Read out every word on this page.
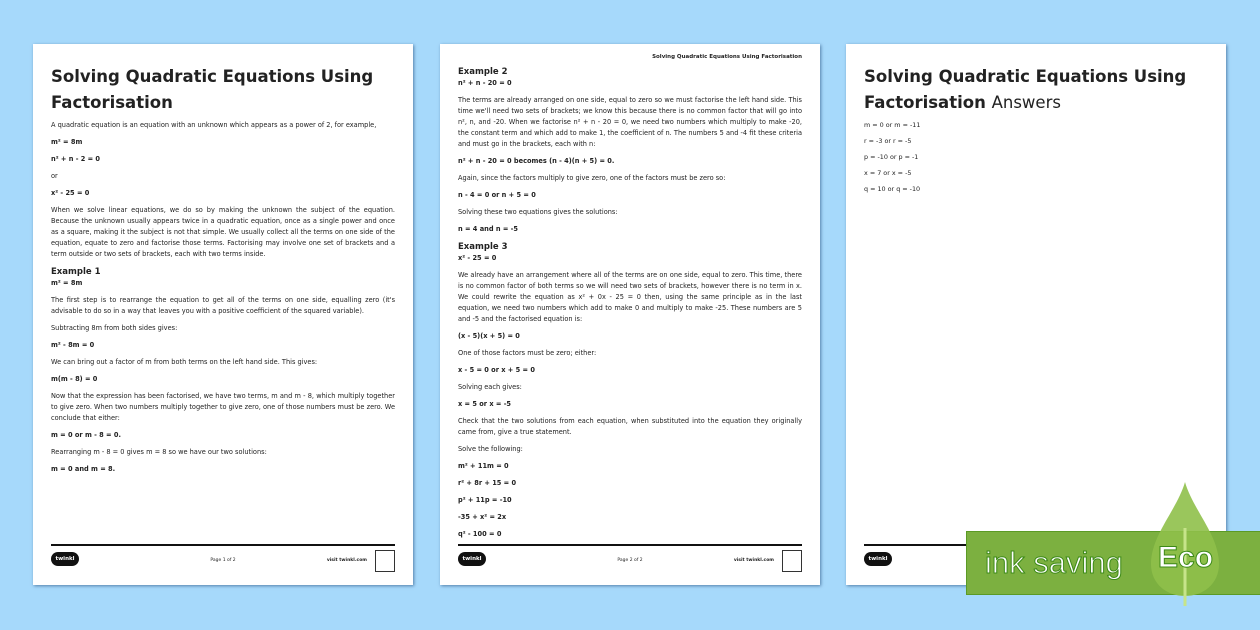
Solving Quadratic Equations Using Factorisation
A quadratic equation is an equation with an unknown which appears as a power of 2, for example,
m² = 8m
n² + n - 2 = 0
or
x² - 25 = 0
When we solve linear equations, we do so by making the unknown the subject of the equation. Because the unknown usually appears twice in a quadratic equation, once as a single power and once as a square, making it the subject is not that simple. We usually collect all the terms on one side of the equation, equate to zero and factorise those terms. Factorising may involve one set of brackets and a term outside or two sets of brackets, each with two terms inside.
Example 1
m² = 8m
The first step is to rearrange the equation to get all of the terms on one side, equalling zero (it's advisable to do so in a way that leaves you with a positive coefficient of the squared variable).
Subtracting 8m from both sides gives:
m² - 8m = 0
We can bring out a factor of m from both terms on the left hand side. This gives:
m(m - 8) = 0
Now that the expression has been factorised, we have two terms, m and m - 8, which multiply together to give zero. When two numbers multiply together to give zero, one of those numbers must be zero. We conclude that either:
m = 0 or m - 8 = 0.
Rearranging m - 8 = 0 gives m = 8 so we have our two solutions:
m = 0 and m = 8.
twinkl	Page 1 of 2	visit twinkl.com
Solving Quadratic Equations Using Factorisation
Example 2
n² + n - 20 = 0
The terms are already arranged on one side, equal to zero so we must factorise the left hand side. This time we'll need two sets of brackets; we know this because there is no common factor that will go into n², n, and -20. When we factorise n² + n - 20 = 0, we need two numbers which multiply to make -20, the constant term and which add to make 1, the coefficient of n. The numbers 5 and -4 fit these criteria and must go in the brackets, each with n:
n² + n - 20 = 0 becomes (n - 4)(n + 5) = 0.
Again, since the factors multiply to give zero, one of the factors must be zero so:
n - 4 = 0 or n + 5 = 0
Solving these two equations gives the solutions:
n = 4 and n = -5
Example 3
x² - 25 = 0
We already have an arrangement where all of the terms are on one side, equal to zero. This time, there is no common factor of both terms so we will need two sets of brackets, however there is no term in x. We could rewrite the equation as x² + 0x - 25 = 0 then, using the same principle as in the last equation, we need two numbers which add to make 0 and multiply to make -25. These numbers are 5 and -5 and the factorised equation is:
(x - 5)(x + 5) = 0
One of those factors must be zero; either:
x - 5 = 0 or x + 5 = 0
Solving each gives:
x = 5 or x = -5
Check that the two solutions from each equation, when substituted into the equation they originally came from, give a true statement.
Solve the following:
m² + 11m = 0
r² + 8r + 15 = 0
p² + 11p = -10
-35 + x² = 2x
q² - 100 = 0
twinkl	Page 2 of 2	visit twinkl.com
Solving Quadratic Equations Using Factorisation Answers
m = 0 or m = -11
r = -3 or r = -5
p = -10 or p = -1
x = 7 or x = -5
q = 10 or q = -10
twinkl	ink saving Eco
